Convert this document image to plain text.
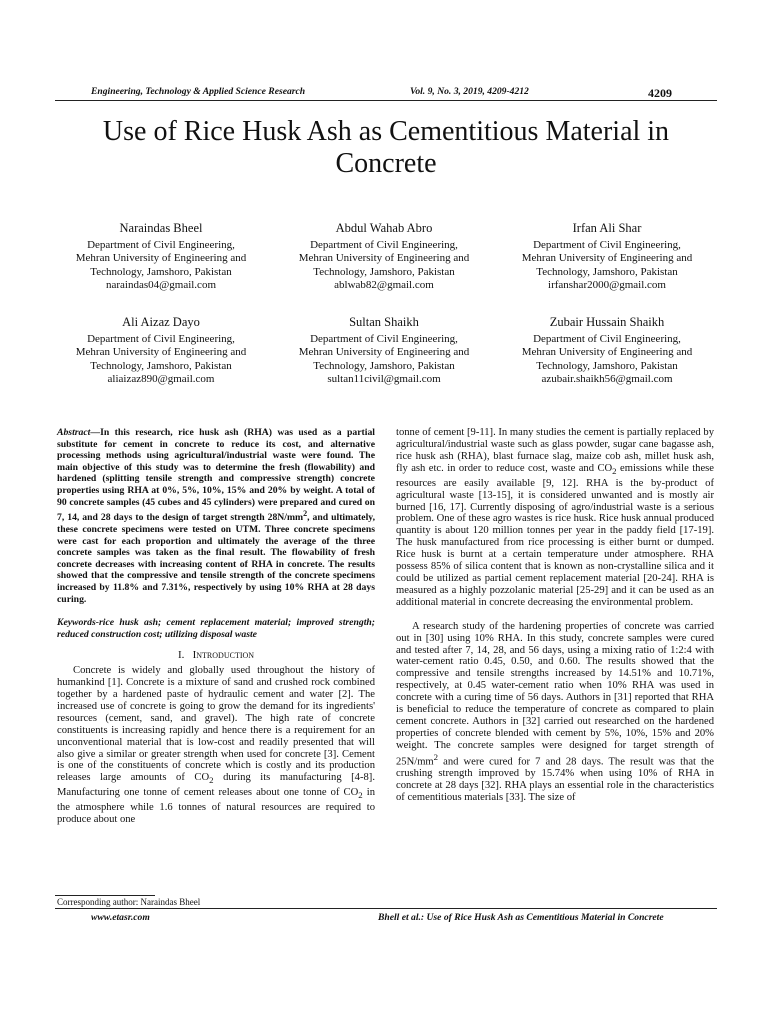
Engineering, Technology & Applied Science Research	Vol. 9, No. 3, 2019, 4209-4212	4209
Use of Rice Husk Ash as Cementitious Material in Concrete
Naraindas Bheel
Department of Civil Engineering,
Mehran University of Engineering and
Technology, Jamshoro, Pakistan
naraindas04@gmail.com
Abdul Wahab Abro
Department of Civil Engineering,
Mehran University of Engineering and
Technology, Jamshoro, Pakistan
ablwab82@gmail.com
Irfan Ali Shar
Department of Civil Engineering,
Mehran University of Engineering and
Technology, Jamshoro, Pakistan
irfanshar2000@gmail.com
Ali Aizaz Dayo
Department of Civil Engineering,
Mehran University of Engineering and
Technology, Jamshoro, Pakistan
aliaizaz890@gmail.com
Sultan Shaikh
Department of Civil Engineering,
Mehran University of Engineering and
Technology, Jamshoro, Pakistan
sultan11civil@gmail.com
Zubair Hussain Shaikh
Department of Civil Engineering,
Mehran University of Engineering and
Technology, Jamshoro, Pakistan
azubair.shaikh56@gmail.com

Abstract—In this research, rice husk ash (RHA) was used as a partial substitute for cement in concrete to reduce its cost, and alternative processing methods using agricultural/industrial waste were found. The main objective of this study was to determine the fresh (flowability) and hardened (splitting tensile strength and compressive strength) concrete properties using RHA at 0%, 5%, 10%, 15% and 20% by weight. A total of 90 concrete samples (45 cubes and 45 cylinders) were prepared and cured on 7, 14, and 28 days to the design of target strength $28N/mm^2$, and ultimately, these concrete specimens were tested on UTM. Three concrete specimens were cast for each proportion and ultimately the average of the three concrete samples was taken as the final result. The flowability of fresh concrete decreases with increasing content of RHA in concrete. The results showed that the compressive and tensile strength of the concrete specimens increased by 11.8% and 7.31%, respectively by using 10% RHA at 28 days curing.

Keywords-rice husk ash; cement replacement material; improved strength; reduced construction cost; utilizing disposal waste

I. Introduction

Concrete is widely and globally used throughout the history of humankind [1]. Concrete is a mixture of sand and crushed rock combined together by a hardened paste of hydraulic cement and water [2]. The increased use of concrete is going to grow the demand for its ingredients' resources (cement, sand, and gravel). The high rate of concrete constituents is increasing rapidly and hence there is a requirement for an unconventional material that is low-cost and readily presented that will also give a similar or greater strength when used for concrete [3]. Cement is one of the constituents of concrete which is costly and its production releases large amounts of $CO_2$ during its manufacturing [4-8]. Manufacturing one tonne of cement releases about one tonne of $CO_2$ in the atmosphere while 1.6 tonnes of natural resources are required to produce about one

tonne of cement [9-11]. In many studies the cement is partially replaced by agricultural/industrial waste such as glass powder, sugar cane bagasse ash, rice husk ash (RHA), blast furnace slag, maize cob ash, millet husk ash, fly ash etc. in order to reduce cost, waste and $CO_2$ emissions while these resources are easily available [9, 12]. RHA is the by-product of agricultural waste [13-15], it is considered unwanted and is mostly air burned [16, 17]. Currently disposing of agro/industrial waste is a serious problem. One of these agro wastes is rice husk. Rice husk annual produced quantity is about 120 million tonnes per year in the paddy field [17-19]. The husk manufactured from rice processing is either burnt or dumped. Rice husk is burnt at a certain temperature under atmosphere. RHA possess 85% of silica content that is known as non-crystalline silica and it could be utilized as partial cement replacement material [20-24]. RHA is measured as a highly pozzolanic material [25-29] and it can be used as an additional material in concrete decreasing the environmental problem.

A research study of the hardening properties of concrete was carried out in [30] using 10% RHA. In this study, concrete samples were cured and tested after 7, 14, 28, and 56 days, using a mixing ratio of 1:2:4 with water-cement ratio 0.45, 0.50, and 0.60. The results showed that the compressive and tensile strengths increased by 14.51% and 10.71%, respectively, at 0.45 water-cement ratio when 10% RHA was used in concrete with a curing time of 56 days. Authors in [31] reported that RHA is beneficial to reduce the temperature of concrete as compared to plain cement concrete. Authors in [32] carried out researched on the hardened properties of concrete blended with cement by 5%, 10%, 15% and 20% weight. The concrete samples were designed for target strength of $25N/mm^2$ and were cured for 7 and 28 days. The result was that the crushing strength improved by 15.74% when using 10% of RHA in concrete at 28 days [32]. RHA plays an essential role in the characteristics of cementitious materials [33]. The size of

Corresponding author: Naraindas Bheel
www.etasr.com	Bhell et al.: Use of Rice Husk Ash as Cementitious Material in Concrete
